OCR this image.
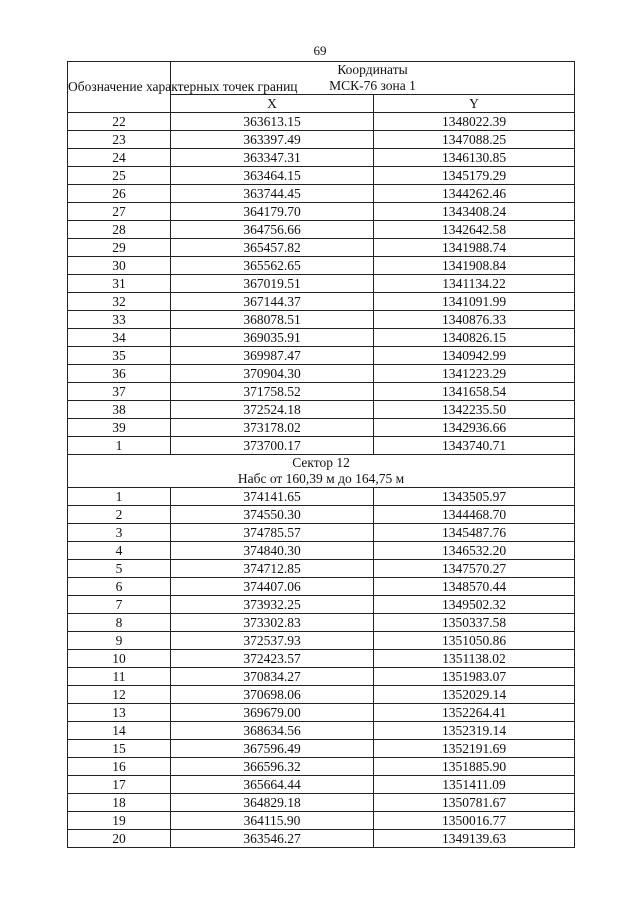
69
Обозначение характерных точек границ	Координаты
МСК-76 зона 1	
	X	Y
22	363613.15	1348022.39
23	363397.49	1347088.25
24	363347.31	1346130.85
25	363464.15	1345179.29
26	363744.45	1344262.46
27	364179.70	1343408.24
28	364756.66	1342642.58
29	365457.82	1341988.74
30	365562.65	1341908.84
31	367019.51	1341134.22
32	367144.37	1341091.99
33	368078.51	1340876.33
34	369035.91	1340826.15
35	369987.47	1340942.99
36	370904.30	1341223.29
37	371758.52	1341658.54
38	372524.18	1342235.50
39	373178.02	1342936.66
1	373700.17	1343740.71
Сектор 12
Набс от 160,39 м до 164,75 м		
1	374141.65	1343505.97
2	374550.30	1344468.70
3	374785.57	1345487.76
4	374840.30	1346532.20
5	374712.85	1347570.27
6	374407.06	1348570.44
7	373932.25	1349502.32
8	373302.83	1350337.58
9	372537.93	1351050.86
10	372423.57	1351138.02
11	370834.27	1351983.07
12	370698.06	1352029.14
13	369679.00	1352264.41
14	368634.56	1352319.14
15	367596.49	1352191.69
16	366596.32	1351885.90
17	365664.44	1351411.09
18	364829.18	1350781.67
19	364115.90	1350016.77
20	363546.27	1349139.63
